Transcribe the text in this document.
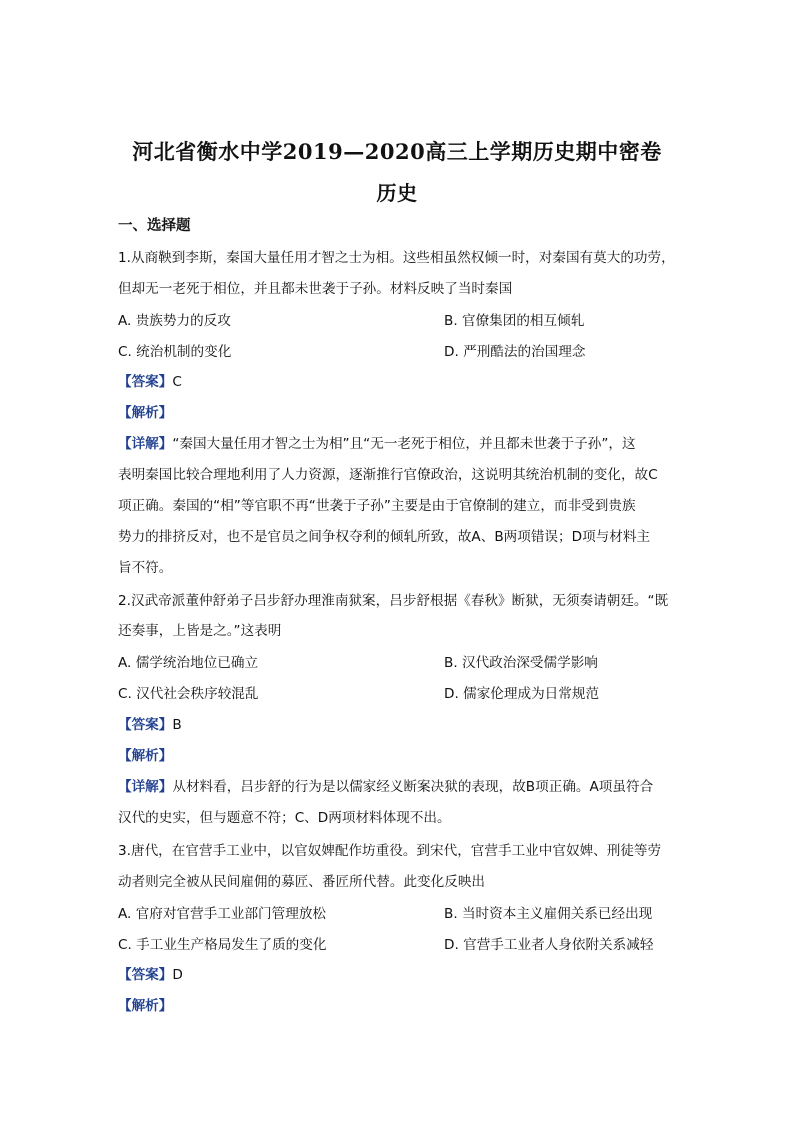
河北省衡水中学2019—2020高三上学期历史期中密卷
历史
一、选择题
1.从商鞅到李斯，秦国大量任用才智之士为相。这些相虽然权倾一时，对秦国有莫大的功劳，
但却无一老死于相位，并且都未世袭于子孙。材料反映了当时秦国
A. 贵族势力的反攻	B. 官僚集团的相互倾轧
C. 统治机制的变化	D. 严刑酷法的治国理念
【答案】C
【解析】
【详解】“秦国大量任用才智之士为相”且“无一老死于相位，并且都未世袭于子孙”，这
表明秦国比较合理地利用了人力资源，逐渐推行官僚政治，这说明其统治机制的变化，故C
项正确。秦国的“相”等官职不再“世袭于子孙”主要是由于官僚制的建立，而非受到贵族
势力的排挤反对，也不是官员之间争权夺利的倾轧所致，故A、B两项错误；D项与材料主
旨不符。
2.汉武帝派董仲舒弟子吕步舒办理淮南狱案，吕步舒根据《春秋》断狱，无须奏请朝廷。“既
还奏事，上皆是之。”这表明
A. 儒学统治地位已确立	B. 汉代政治深受儒学影响
C. 汉代社会秩序较混乱	D. 儒家伦理成为日常规范
【答案】B
【解析】
【详解】从材料看，吕步舒的行为是以儒家经义断案决狱的表现，故B项正确。A项虽符合
汉代的史实，但与题意不符；C、D两项材料体现不出。
3.唐代，在官营手工业中，以官奴婢配作坊重役。到宋代，官营手工业中官奴婢、刑徒等劳
动者则完全被从民间雇佣的募匠、番匠所代替。此变化反映出
A. 官府对官营手工业部门管理放松	B. 当时资本主义雇佣关系已经出现
C. 手工业生产格局发生了质的变化	D. 官营手工业者人身依附关系减轻
【答案】D
【解析】
